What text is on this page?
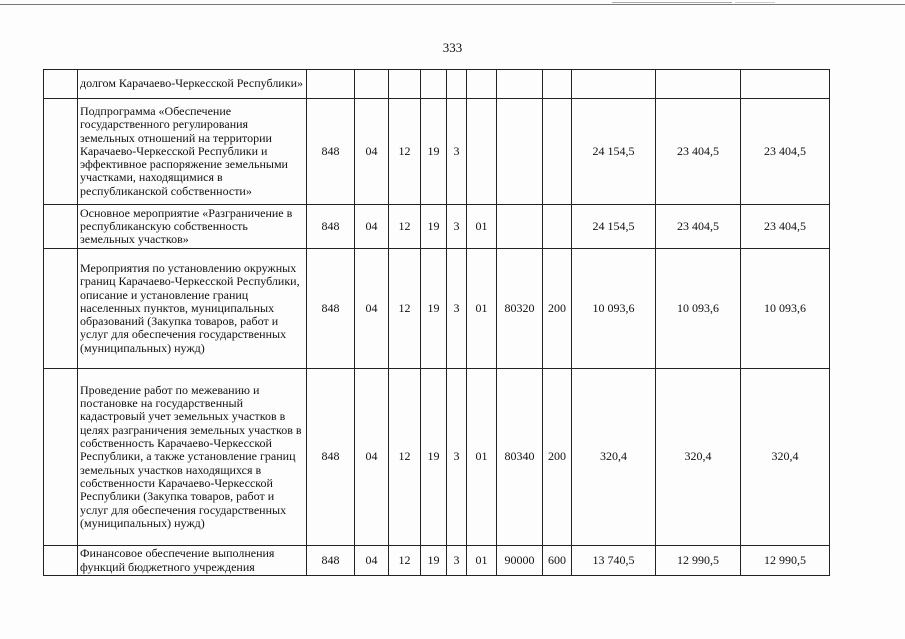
333
	долгом Карачаево-Черкесской Республики»											
	Подпрограмма «Обеспечение государственного регулирования земельных отношений на территории Карачаево-Черкесской Республики и эффективное распоряжение земельными участками, находящимися в республиканской собственности»	848	04	12	19	3				24 154,5	23 404,5	23 404,5
	Основное мероприятие «Разграничение в республиканскую собственность земельных участков»	848	04	12	19	3	01			24 154,5	23 404,5	23 404,5
	Мероприятия по установлению окружных границ Карачаево-Черкесской Республики, описание и установление границ населенных пунктов, муниципальных образований (Закупка товаров, работ и услуг для обеспечения государственных (муниципальных) нужд)	848	04	12	19	3	01	80320	200	10 093,6	10 093,6	10 093,6
	Проведение работ по межеванию и постановке на государственный кадастровый учет земельных участков в целях разграничения земельных участков в собственность Карачаево-Черкесской Республики, а также установление границ земельных участков находящихся в собственности Карачаево-Черкесской Республики (Закупка товаров, работ и услуг для обеспечения государственных (муниципальных) нужд)	848	04	12	19	3	01	80340	200	320,4	320,4	320,4
	Финансовое обеспечение выполнения функций бюджетного учреждения	848	04	12	19	3	01	90000	600	13 740,5	12 990,5	12 990,5
